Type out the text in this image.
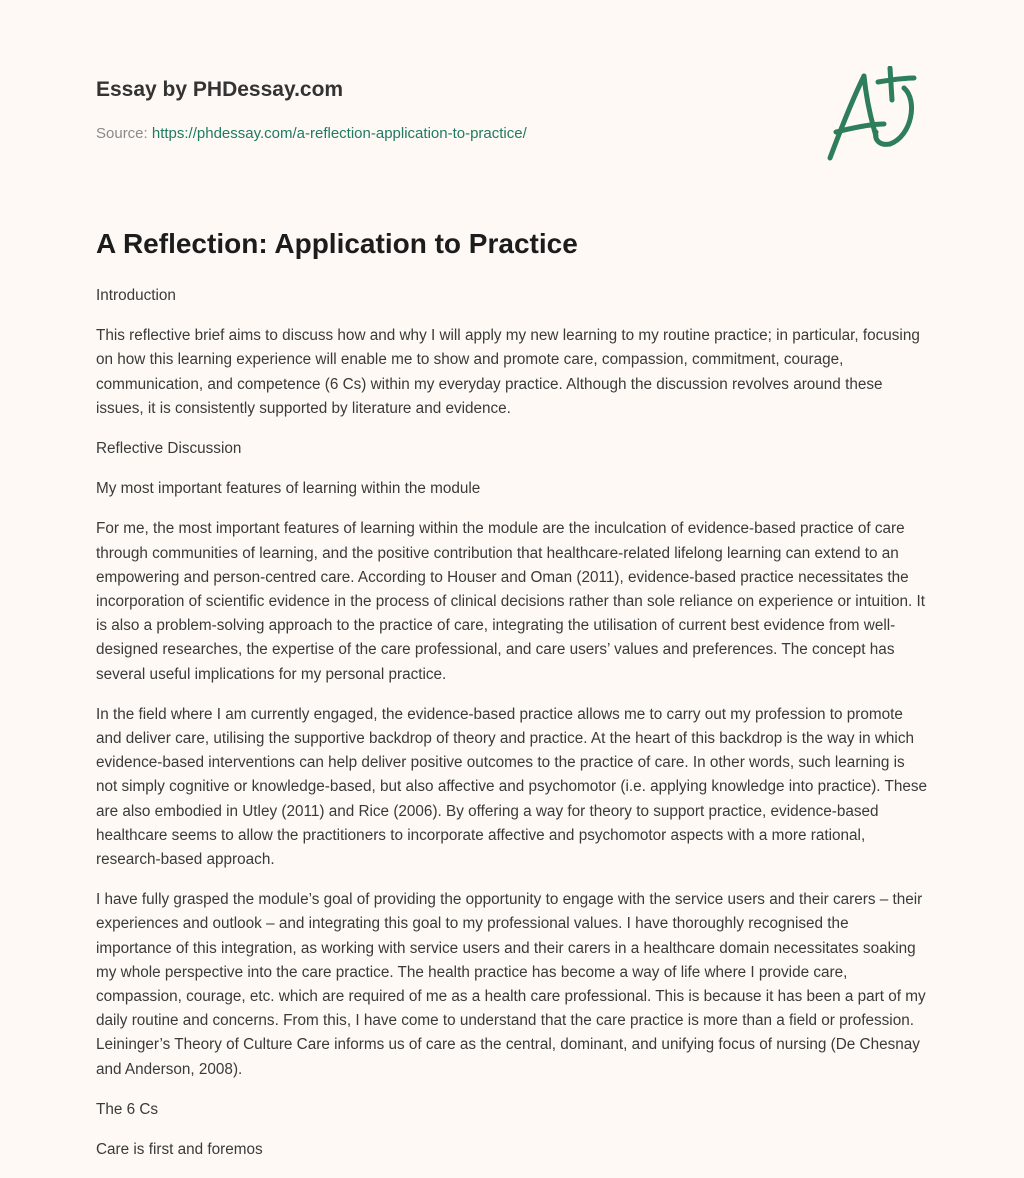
Essay by PHDessay.com
Source: https://phdessay.com/a-reflection-application-to-practice/
A Reflection: Application to Practice

Introduction

This reflective brief aims to discuss how and why I will apply my new learning to my routine practice; in particular, focusing on how this learning experience will enable me to show and promote care, compassion, commitment, courage, communication, and competence (6 Cs) within my everyday practice. Although the discussion revolves around these issues, it is consistently supported by literature and evidence.

Reflective Discussion

My most important features of learning within the module

For me, the most important features of learning within the module are the inculcation of evidence-based practice of care through communities of learning, and the positive contribution that healthcare-related lifelong learning can extend to an empowering and person-centred care. According to Houser and Oman (2011), evidence-based practice necessitates the incorporation of scientific evidence in the process of clinical decisions rather than sole reliance on experience or intuition. It is also a problem-solving approach to the practice of care, integrating the utilisation of current best evidence from well-designed researches, the expertise of the care professional, and care users’ values and preferences. The concept has several useful implications for my personal practice.

In the field where I am currently engaged, the evidence-based practice allows me to carry out my profession to promote and deliver care, utilising the supportive backdrop of theory and practice. At the heart of this backdrop is the way in which evidence-based interventions can help deliver positive outcomes to the practice of care. In other words, such learning is not simply cognitive or knowledge-based, but also affective and psychomotor (i.e. applying knowledge into practice). These are also embodied in Utley (2011) and Rice (2006). By offering a way for theory to support practice, evidence-based healthcare seems to allow the practitioners to incorporate affective and psychomotor aspects with a more rational, research-based approach.

I have fully grasped the module’s goal of providing the opportunity to engage with the service users and their carers – their experiences and outlook – and integrating this goal to my professional values. I have thoroughly recognised the importance of this integration, as working with service users and their carers in a healthcare domain necessitates soaking my whole perspective into the care practice. The health practice has become a way of life where I provide care, compassion, courage, etc. which are required of me as a health care professional. This is because it has been a part of my daily routine and concerns. From this, I have come to understand that the care practice is more than a field or profession. Leininger’s Theory of Culture Care informs us of care as the central, dominant, and unifying focus of nursing (De Chesnay and Anderson, 2008).

The 6 Cs

Care is first and foremos
